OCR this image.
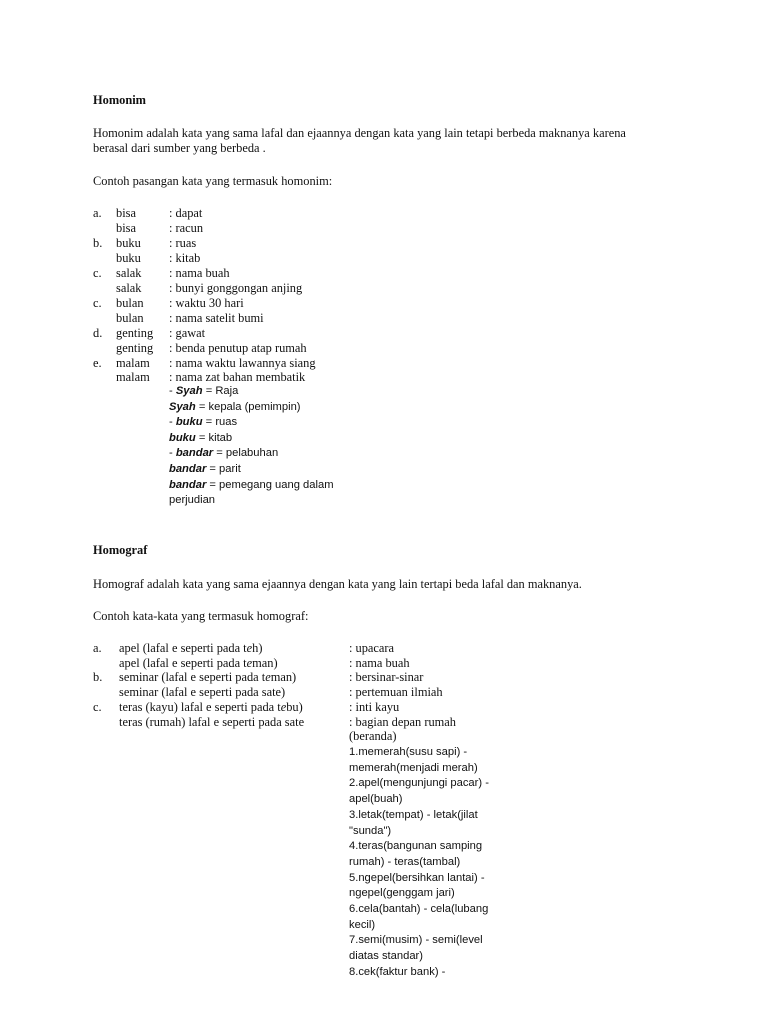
Homonim
Homonim adalah kata yang sama lafal dan ejaannya dengan kata yang lain tetapi berbeda maknanya karena
berasal dari sumber yang berbeda .
Contoh pasangan kata yang termasuk homonim:
a. bisa	: dapat
bisa	: racun
b. buku : ruas
buku : kitab
c. salak : nama buah
salak : bunyi gonggongan anjing
c. bulan : waktu 30 hari
bulan : nama satelit bumi
d. genting : gawat
genting : benda penutup atap rumah
e. malam : nama waktu lawannya siang
malam : nama zat bahan membatik
- Syah = Raja
Syah = kepala (pemimpin)
- buku = ruas
buku = kitab
- bandar = pelabuhan
bandar = parit
bandar = pemegang uang dalam
perjudian
Homograf
Homograf adalah kata yang sama ejaannya dengan kata yang lain tertapi beda lafal dan maknanya.
Contoh kata-kata yang termasuk homograf:
a. apel (lafal e seperti pada teh)	: upacara
apel (lafal e seperti pada teman)	: nama buah
b. seminar (lafal e seperti pada teman)	: bersinar-sinar
seminar (lafal e seperti pada sate)	: pertemuan ilmiah
c. teras (kayu) lafal e seperti pada tebu)	: inti kayu
teras (rumah) lafal e seperti pada sate	: bagian depan rumah
(beranda)
1.memerah(susu sapi) -
memerah(menjadi merah)
2.apel(mengunjungi pacar) -
apel(buah)
3.letak(tempat) - letak(jilat
"sunda")
4.teras(bangunan samping
rumah) - teras(tambal)
5.ngepel(bersihkan lantai) -
ngepel(genggam jari)
6.cela(bantah) - cela(lubang
kecil)
7.semi(musim) - semi(level
diatas standar)
8.cek(faktur bank) -
